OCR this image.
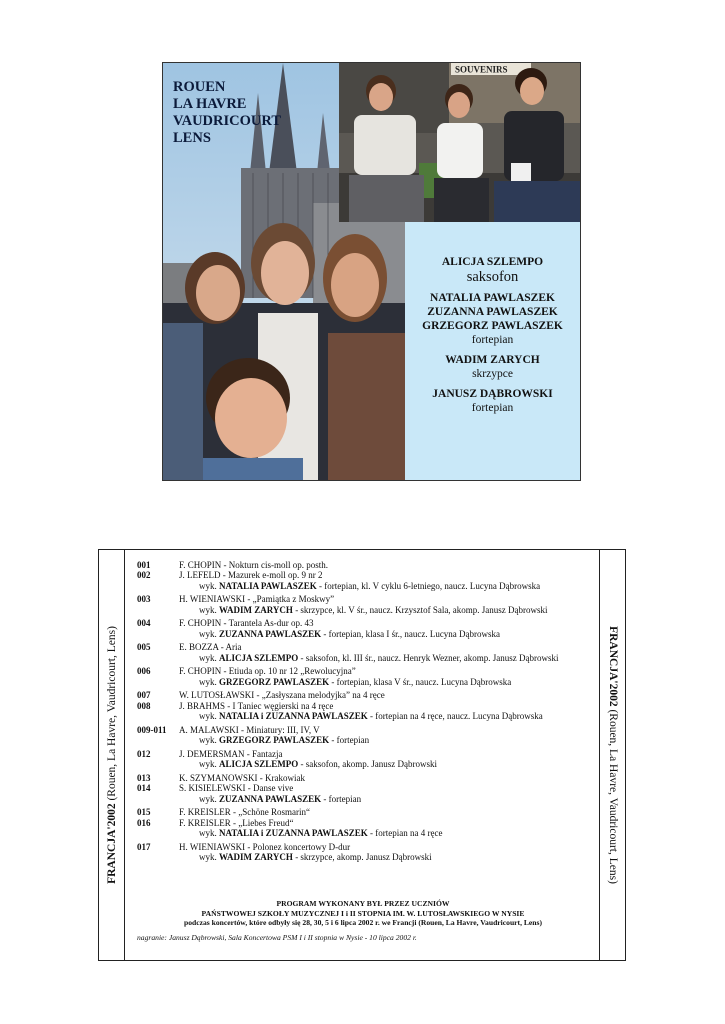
SOUVENIRS
ROUEN
LA HAVRE
VAUDRICOURT
LENS
ALICJA SZLEMPO
saksofon
NATALIA PAWLASZEK
ZUZANNA PAWLASZEK
GRZEGORZ PAWLASZEK
fortepian
WADIM ZARYCH
skrzypce
JANUSZ DĄBROWSKI
fortepian
FRANCJA'2002 (Rouen, La Havre, Vaudricourt, Lens)	FRANCJA'2002 (Rouen, La Havre, Vaudricourt, Lens)
001	F. CHOPIN - Nokturn cis-moll op. posth.
002	J. LEFELD - Mazurek e-moll op. 9 nr 2
wyk. NATALIA PAWLASZEK - fortepian, kl. V cyklu 6-letniego, naucz. Lucyna Dąbrowska
003	H. WIENIAWSKI - „Pamiątka z Moskwy”
wyk. WADIM ZARYCH - skrzypce, kl. V śr., naucz. Krzysztof Sala, akomp. Janusz Dąbrowski
004	F. CHOPIN - Tarantela As-dur op. 43
wyk. ZUZANNA PAWLASZEK - fortepian, klasa I śr., naucz. Lucyna Dąbrowska
005	E. BOZZA - Aria
wyk. ALICJA SZLEMPO - saksofon, kl. III śr., naucz. Henryk Wezner, akomp. Janusz Dąbrowski
006	F. CHOPIN - Etiuda op. 10 nr 12 „Rewolucyjna”
wyk. GRZEGORZ PAWLASZEK - fortepian, klasa V śr., naucz. Lucyna Dąbrowska
007	W. LUTOSŁAWSKI - „Zasłyszana melodyjka” na 4 ręce
008	J. BRAHMS - I Taniec węgierski na 4 ręce
wyk. NATALIA i ZUZANNA PAWLASZEK - fortepian na 4 ręce, naucz. Lucyna Dąbrowska
009-011 A. MALAWSKI - Miniatury: III, IV, V
wyk. GRZEGORZ PAWLASZEK - fortepian
012	J. DEMERSMAN - Fantazja
wyk. ALICJA SZLEMPO - saksofon, akomp. Janusz Dąbrowski
013	K. SZYMANOWSKI - Krakowiak
014	S. KISIELEWSKI - Danse vive
wyk. ZUZANNA PAWLASZEK - fortepian
015	F. KREISLER - „Schöne Rosmarin“
016	F. KREISLER - „Liebes Freud“
wyk. NATALIA i ZUZANNA PAWLASZEK - fortepian na 4 ręce
017	H. WIENIAWSKI - Polonez koncertowy D-dur
wyk. WADIM ZARYCH - skrzypce, akomp. Janusz Dąbrowski
PROGRAM WYKONANY BYŁ PRZEZ UCZNIÓW
PAŃSTWOWEJ SZKOŁY MUZYCZNEJ I i II STOPNIA IM. W. LUTOSŁAWSKIEGO W NYSIE
podczas koncertów, które odbyły się 28, 30, 5 i 6 lipca 2002 r. we Francji (Rouen, La Havre, Vaudricourt, Lens)
nagranie: Janusz Dąbrowski, Sala Koncertowa PSM I i II stopnia w Nysie - 10 lipca 2002 r.
